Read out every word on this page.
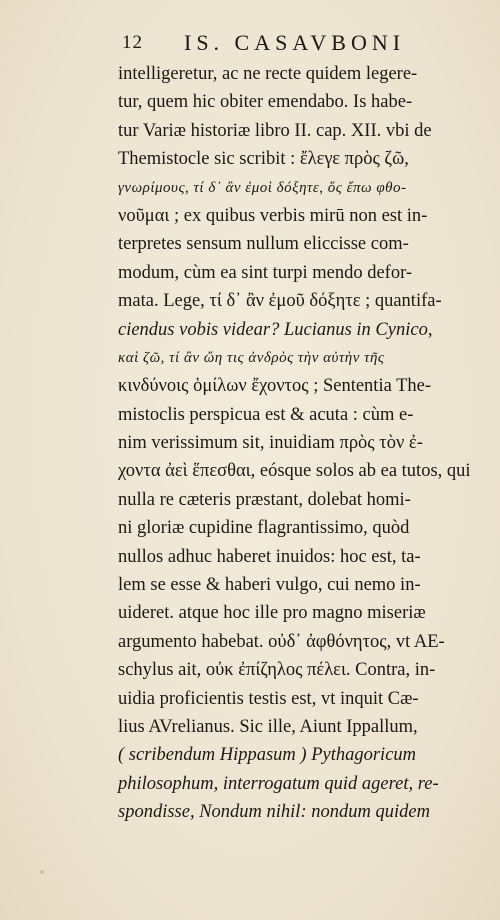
12 IS. CASAVBONI
intelligeretur, ac ne recte quidem legere-
tur, quem hic obiter emendabo. Is habe-
tur Variæ historiæ libro II. cap. XII. vbi de
Themistocle sic scribit : ἔλεγε πρὸς ζῶ,
γνωρίμους, τί δ᾽ ἂν ἐμοὶ δόξητε, ὅς ἔπω φθο-
νοῦμαι ; ex quibus verbis mirū non est in-
terpretes sensum nullum eliccisse com-
modum, cùm ea sint turpi mendo defor-
mata. Lege, τί δ᾽ ἂν ἐμοῦ δόξητε ; quantifa-
ciendus vobis videar? Lucianus in Cynico,
καὶ ζῶ, τί ἂν ὤη τις ἀνδρὸς τὴν αὐτὴν τῆς
κινδύνοις ὁμίλων ἔχοντος ; Sententia The-
mistoclis perspicua est & acuta : cùm e-
nim verissimum sit, inuidiam πρὸς τὸν ἐ-
χοντα ἀεὶ ἕπεσθαι, eósque solos ab ea tutos, qui
nulla re cæteris præstant, dolebat homi-
ni gloriæ cupidine flagrantissimo, quòd
nullos adhuc haberet inuidos: hoc est, ta-
lem se esse & haberi vulgo, cui nemo in-
uideret. atque hoc ille pro magno miseriæ
argumento habebat. οὐδ᾽ ἀφθόνητος, vt AE-
schylus ait, οὐκ ἐπίζηλος πέλει. Contra, in-
uidia proficientis testis est, vt inquit Cæ-
lius AVrelianus. Sic ille, Aiunt Ippallum,
( scribendum Hippasum ) Pythagoricum
philosophum, interrogatum quid ageret, re-
spondisse, Nondum nihil: nondum quidem
